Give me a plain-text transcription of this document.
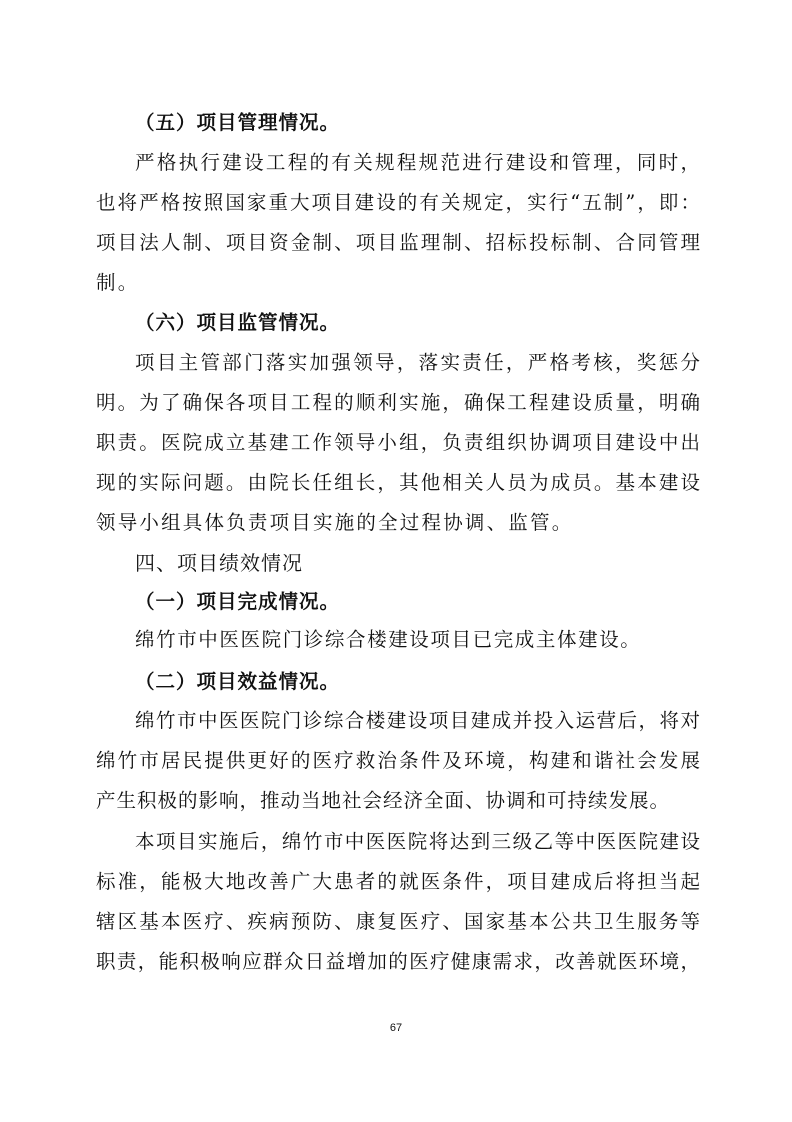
（五）项目管理情况。
严格执行建设工程的有关规程规范进行建设和管理，同时，
也将严格按照国家重大项目建设的有关规定，实行“五制”，即：
项目法人制、项目资金制、项目监理制、招标投标制、合同管理
制。
（六）项目监管情况。
项目主管部门落实加强领导，落实责任，严格考核，奖惩分
明。为了确保各项目工程的顺利实施，确保工程建设质量，明确
职责。医院成立基建工作领导小组，负责组织协调项目建设中出
现的实际问题。由院长任组长，其他相关人员为成员。基本建设
领导小组具体负责项目实施的全过程协调、监管。
四、项目绩效情况
（一）项目完成情况。
绵竹市中医医院门诊综合楼建设项目已完成主体建设。
（二）项目效益情况。
绵竹市中医医院门诊综合楼建设项目建成并投入运营后，将对
绵竹市居民提供更好的医疗救治条件及环境，构建和谐社会发展
产生积极的影响，推动当地社会经济全面、协调和可持续发展。
本项目实施后，绵竹市中医医院将达到三级乙等中医医院建设
标准，能极大地改善广大患者的就医条件，项目建成后将担当起
辖区基本医疗、疾病预防、康复医疗、国家基本公共卫生服务等
职责，能积极响应群众日益增加的医疗健康需求，改善就医环境，
67
